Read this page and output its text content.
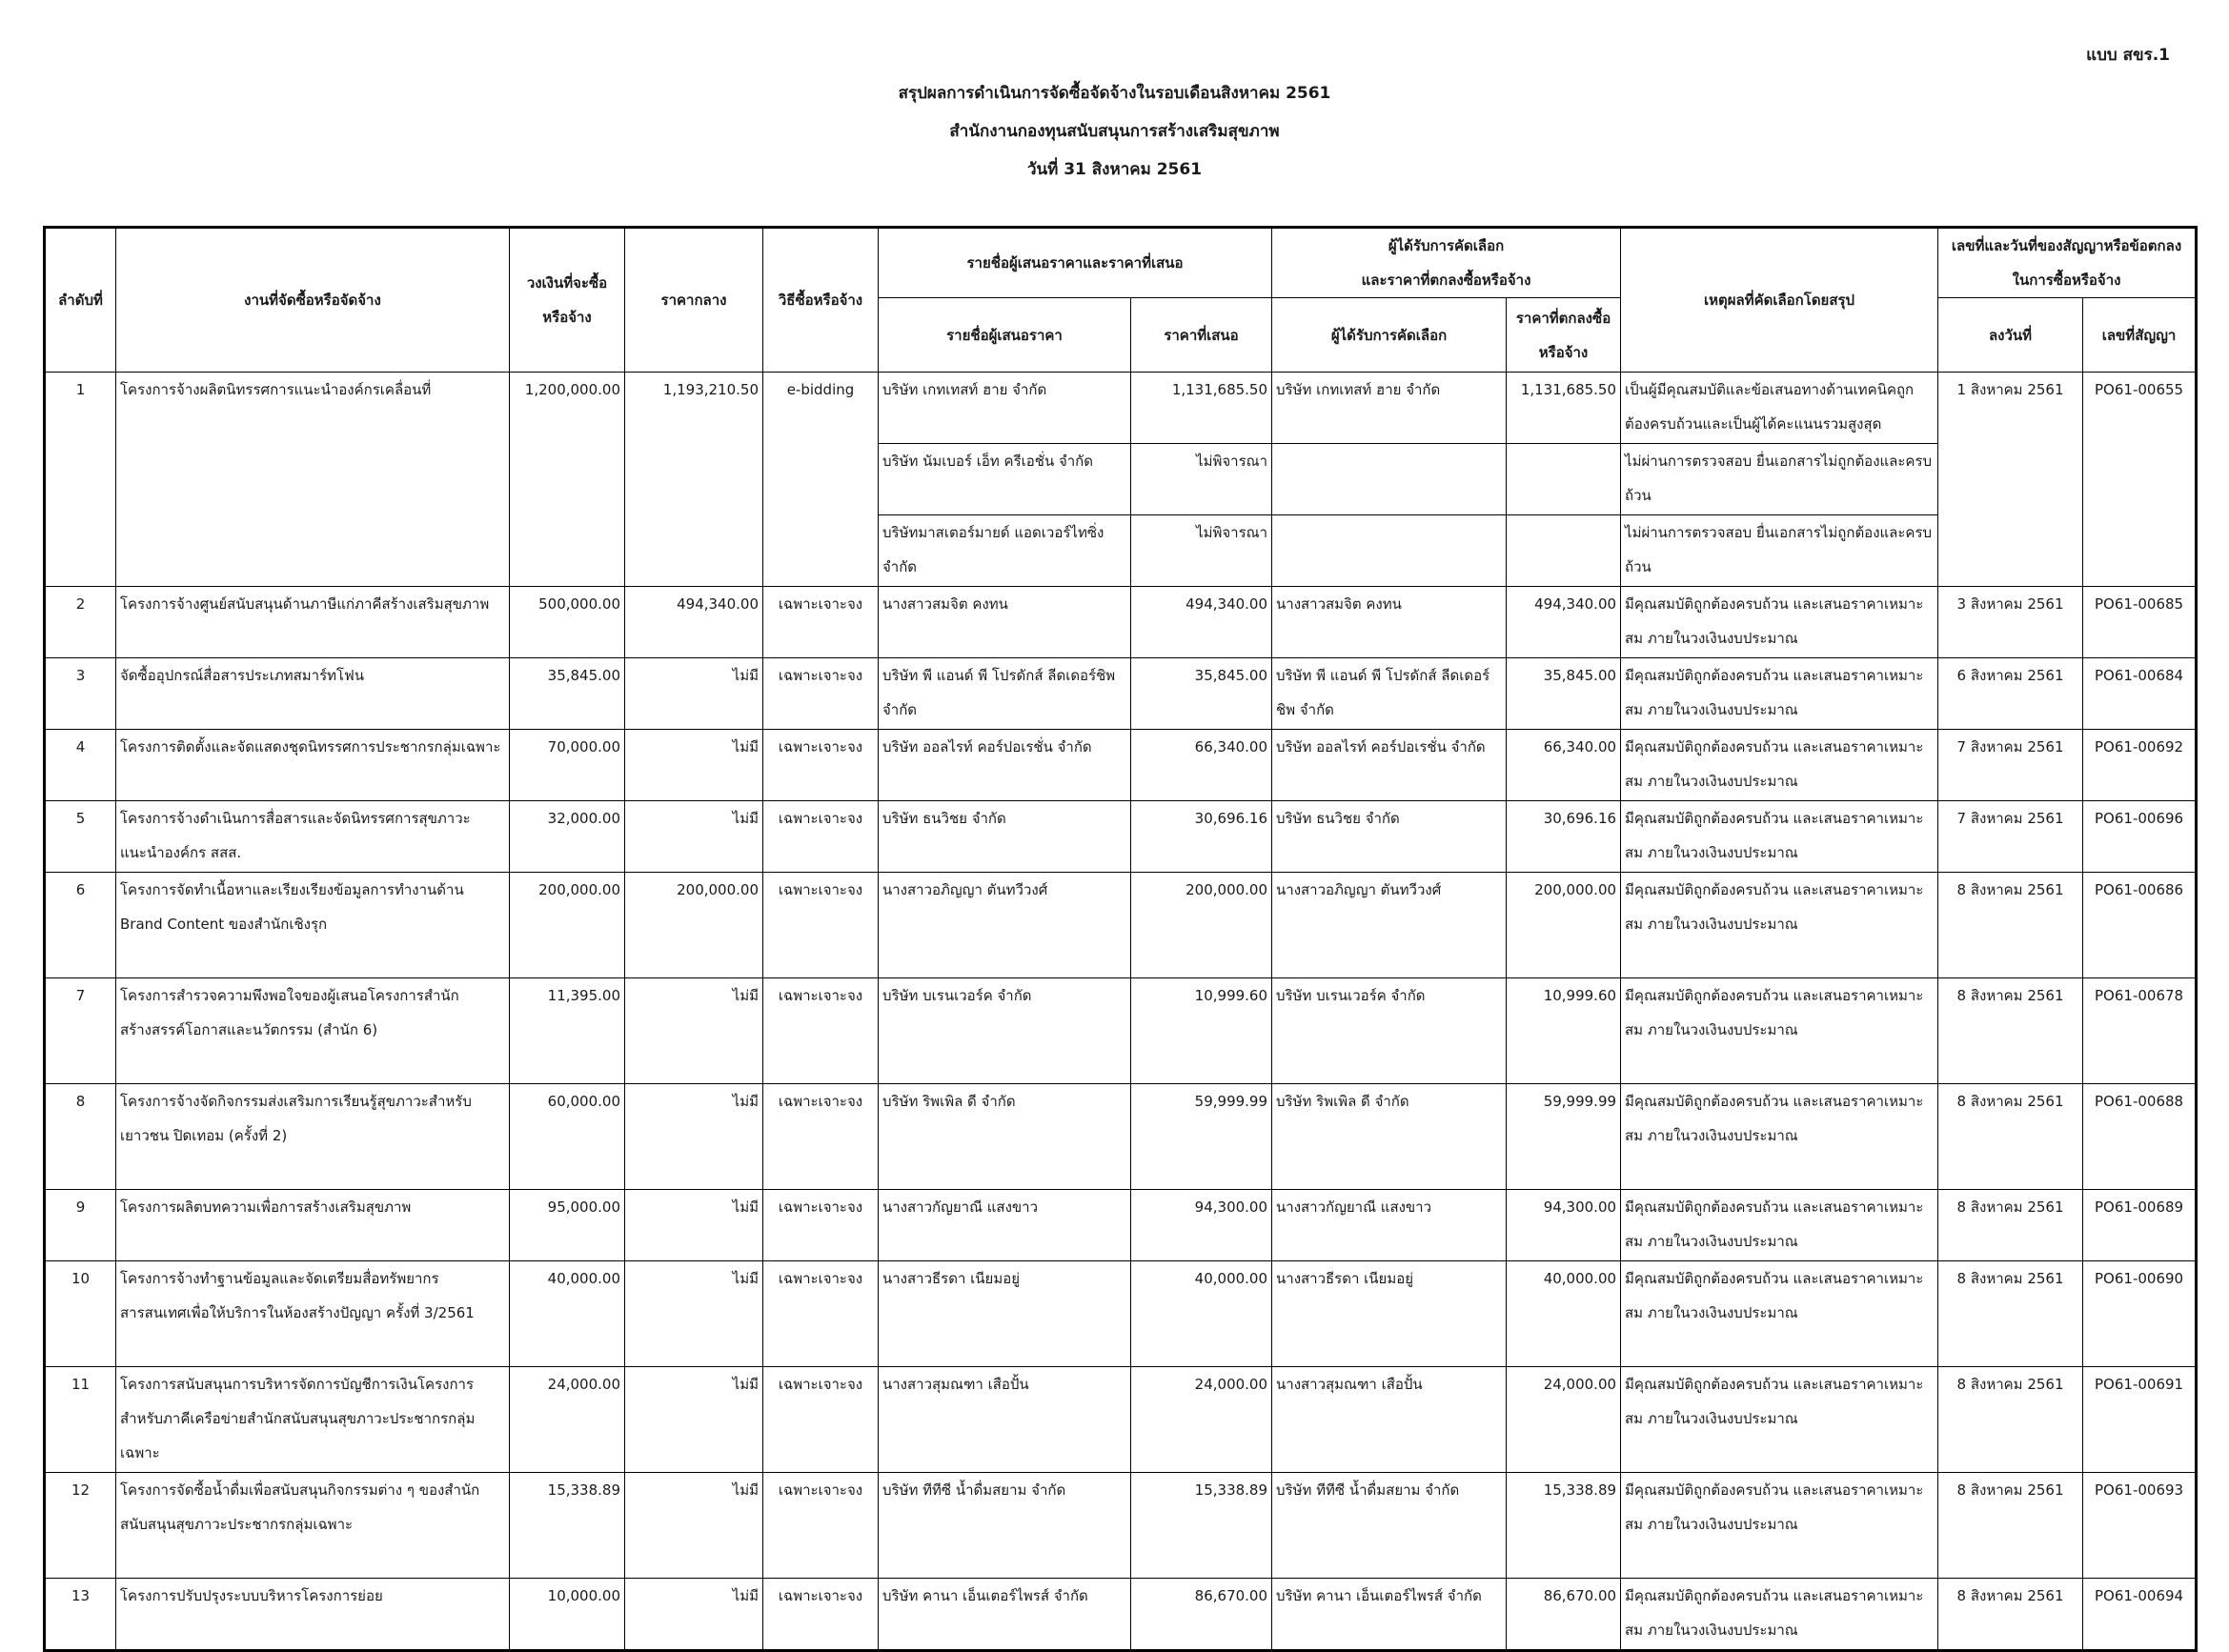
แบบ สขร.1
สรุปผลการดำเนินการจัดซื้อจัดจ้างในรอบเดือนสิงหาคม 2561
สำนักงานกองทุนสนับสนุนการสร้างเสริมสุขภาพ
วันที่ 31 สิงหาคม 2561
ลำดับที่	งานที่จัดซื้อหรือจัดจ้าง	วงเงินที่จะซื้อหรือจ้าง	ราคากลาง	วิธีซื้อหรือจ้าง	รายชื่อผู้เสนอราคาและราคาที่เสนอ		ผู้ได้รับการคัดเลือก
และราคาที่ตกลงซื้อหรือจ้าง		เหตุผลที่คัดเลือกโดยสรุป	เลขที่และวันที่ของสัญญาหรือข้อตกลงในการซื้อหรือจ้าง	
					รายชื่อผู้เสนอราคา	ราคาที่เสนอ	ผู้ได้รับการคัดเลือก	ราคาที่ตกลงซื้อหรือจ้าง		ลงวันที่	เลขที่สัญญา
1	โครงการจ้างผลิตนิทรรศการแนะนำองค์กรเคลื่อนที่	1,200,000.00	1,193,210.50	e-bidding	บริษัท เกทเทสท์ ฮาย จำกัด	1,131,685.50	บริษัท เกทเทสท์ ฮาย จำกัด	1,131,685.50	เป็นผู้มีคุณสมบัติและข้อเสนอทางด้านเทคนิคถูกต้องครบถ้วนและเป็นผู้ได้คะแนนรวมสูงสุด	1 สิงหาคม 2561	PO61-00655
					บริษัท นัมเบอร์ เอ็ท ครีเอชั่น จำกัด	ไม่พิจารณา			ไม่ผ่านการตรวจสอบ ยื่นเอกสารไม่ถูกต้องและครบถ้วน		
					บริษัทมาสเตอร์มายด์ แอดเวอร์ไทซิ่ง จำกัด	ไม่พิจารณา			ไม่ผ่านการตรวจสอบ ยื่นเอกสารไม่ถูกต้องและครบถ้วน		
2	โครงการจ้างศูนย์สนับสนุนด้านภาษีแก่ภาคีสร้างเสริมสุขภาพ	500,000.00	494,340.00	เฉพาะเจาะจง	นางสาวสมจิต คงทน	494,340.00	นางสาวสมจิต คงทน	494,340.00	มีคุณสมบัติถูกต้องครบถ้วน และเสนอราคาเหมาะสม ภายในวงเงินงบประมาณ	3 สิงหาคม 2561	PO61-00685
3	จัดซื้ออุปกรณ์สื่อสารประเภทสมาร์ทโฟน	35,845.00	ไม่มี	เฉพาะเจาะจง	บริษัท พี แอนด์ พี โปรดักส์ ลีดเดอร์ชิพ จำกัด	35,845.00	บริษัท พี แอนด์ พี โปรดักส์ ลีดเดอร์ชิพ จำกัด	35,845.00	มีคุณสมบัติถูกต้องครบถ้วน และเสนอราคาเหมาะสม ภายในวงเงินงบประมาณ	6 สิงหาคม 2561	PO61-00684
4	โครงการติดตั้งและจัดแสดงชุดนิทรรศการประชากรกลุ่มเฉพาะ	70,000.00	ไม่มี	เฉพาะเจาะจง	บริษัท ออลไรท์ คอร์ปอเรชั่น จำกัด	66,340.00	บริษัท ออลไรท์ คอร์ปอเรชั่น จำกัด	66,340.00	มีคุณสมบัติถูกต้องครบถ้วน และเสนอราคาเหมาะสม ภายในวงเงินงบประมาณ	7 สิงหาคม 2561	PO61-00692
5	โครงการจ้างดำเนินการสื่อสารและจัดนิทรรศการสุขภาวะแนะนำองค์กร สสส.	32,000.00	ไม่มี	เฉพาะเจาะจง	บริษัท ธนวิชย จำกัด	30,696.16	บริษัท ธนวิชย จำกัด	30,696.16	มีคุณสมบัติถูกต้องครบถ้วน และเสนอราคาเหมาะสม ภายในวงเงินงบประมาณ	7 สิงหาคม 2561	PO61-00696
6	โครงการจัดทำเนื้อหาและเรียงเรียงข้อมูลการทำงานด้าน Brand Content ของสำนักเชิงรุก	200,000.00	200,000.00	เฉพาะเจาะจง	นางสาวอภิญญา ตันทวีวงศ์	200,000.00	นางสาวอภิญญา ตันทวีวงศ์	200,000.00	มีคุณสมบัติถูกต้องครบถ้วน และเสนอราคาเหมาะสม ภายในวงเงินงบประมาณ	8 สิงหาคม 2561	PO61-00686
7	โครงการสำรวจความพึงพอใจของผู้เสนอโครงการสำนักสร้างสรรค์โอกาสและนวัตกรรม (สำนัก 6)	11,395.00	ไม่มี	เฉพาะเจาะจง	บริษัท บเรนเวอร์ค จำกัด	10,999.60	บริษัท บเรนเวอร์ค จำกัด	10,999.60	มีคุณสมบัติถูกต้องครบถ้วน และเสนอราคาเหมาะสม ภายในวงเงินงบประมาณ	8 สิงหาคม 2561	PO61-00678
8	โครงการจ้างจัดกิจกรรมส่งเสริมการเรียนรู้สุขภาวะสำหรับเยาวชน ปิดเทอม (ครั้งที่ 2)	60,000.00	ไม่มี	เฉพาะเจาะจง	บริษัท ริพเพิล ดี จำกัด	59,999.99	บริษัท ริพเพิล ดี จำกัด	59,999.99	มีคุณสมบัติถูกต้องครบถ้วน และเสนอราคาเหมาะสม ภายในวงเงินงบประมาณ	8 สิงหาคม 2561	PO61-00688
9	โครงการผลิตบทความเพื่อการสร้างเสริมสุขภาพ	95,000.00	ไม่มี	เฉพาะเจาะจง	นางสาวกัญยาณี แสงขาว	94,300.00	นางสาวกัญยาณี แสงขาว	94,300.00	มีคุณสมบัติถูกต้องครบถ้วน และเสนอราคาเหมาะสม ภายในวงเงินงบประมาณ	8 สิงหาคม 2561	PO61-00689
10	โครงการจ้างทำฐานข้อมูลและจัดเตรียมสื่อทรัพยากรสารสนเทศเพื่อให้บริการในห้องสร้างปัญญา ครั้งที่ 3/2561	40,000.00	ไม่มี	เฉพาะเจาะจง	นางสาวธีรดา เนียมอยู่	40,000.00	นางสาวธีรดา เนียมอยู่	40,000.00	มีคุณสมบัติถูกต้องครบถ้วน และเสนอราคาเหมาะสม ภายในวงเงินงบประมาณ	8 สิงหาคม 2561	PO61-00690
11	โครงการสนับสนุนการบริหารจัดการบัญชีการเงินโครงการสำหรับภาคีเครือข่ายสำนักสนับสนุนสุขภาวะประชากรกลุ่มเฉพาะ	24,000.00	ไม่มี	เฉพาะเจาะจง	นางสาวสุมณฑา เสือปั้น	24,000.00	นางสาวสุมณฑา เสือปั้น	24,000.00	มีคุณสมบัติถูกต้องครบถ้วน และเสนอราคาเหมาะสม ภายในวงเงินงบประมาณ	8 สิงหาคม 2561	PO61-00691
12	โครงการจัดซื้อน้ำดื่มเพื่อสนับสนุนกิจกรรมต่าง ๆ ของสำนักสนับสนุนสุขภาวะประชากรกลุ่มเฉพาะ	15,338.89	ไม่มี	เฉพาะเจาะจง	บริษัท ทีทีซี น้ำดื่มสยาม จำกัด	15,338.89	บริษัท ทีทีซี น้ำดื่มสยาม จำกัด	15,338.89	มีคุณสมบัติถูกต้องครบถ้วน และเสนอราคาเหมาะสม ภายในวงเงินงบประมาณ	8 สิงหาคม 2561	PO61-00693
13	โครงการปรับปรุงระบบบริหารโครงการย่อย	10,000.00	ไม่มี	เฉพาะเจาะจง	บริษัท คานา เอ็นเตอร์ไพรส์ จำกัด	86,670.00	บริษัท คานา เอ็นเตอร์ไพรส์ จำกัด	86,670.00	มีคุณสมบัติถูกต้องครบถ้วน และเสนอราคาเหมาะสม ภายในวงเงินงบประมาณ	8 สิงหาคม 2561	PO61-00694
